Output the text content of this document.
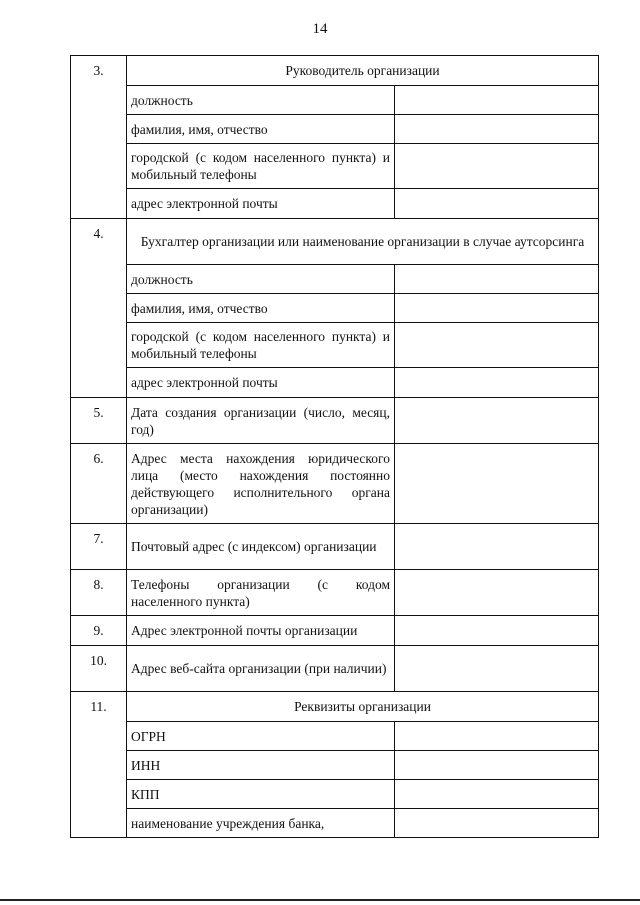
14
3.	Руководитель организации	
	должность	
	фамилия, имя, отчество	
	городской (с кодом населенного пункта) и мобильный телефоны	
	адрес электронной почты	
4.	Бухгалтер организации или наименование организации в случае аутсорсинга	
	должность	
	фамилия, имя, отчество	
	городской (с кодом населенного пункта) и мобильный телефоны	
	адрес электронной почты	
5.	Дата создания организации (число, месяц, год)	
6.	Адрес места нахождения юридического лица (место нахождения постоянно действующего исполнительного органа организации)	
7.	Почтовый адрес (с индексом) организации	
8.	Телефоны организации (с кодом населенного пункта)	
9.	Адрес электронной почты организации	
10.	Адрес веб-сайта организации (при наличии)	
11.	Реквизиты организации	
	ОГРН	
	ИНН	
	КПП	
	наименование учреждения банка,	
